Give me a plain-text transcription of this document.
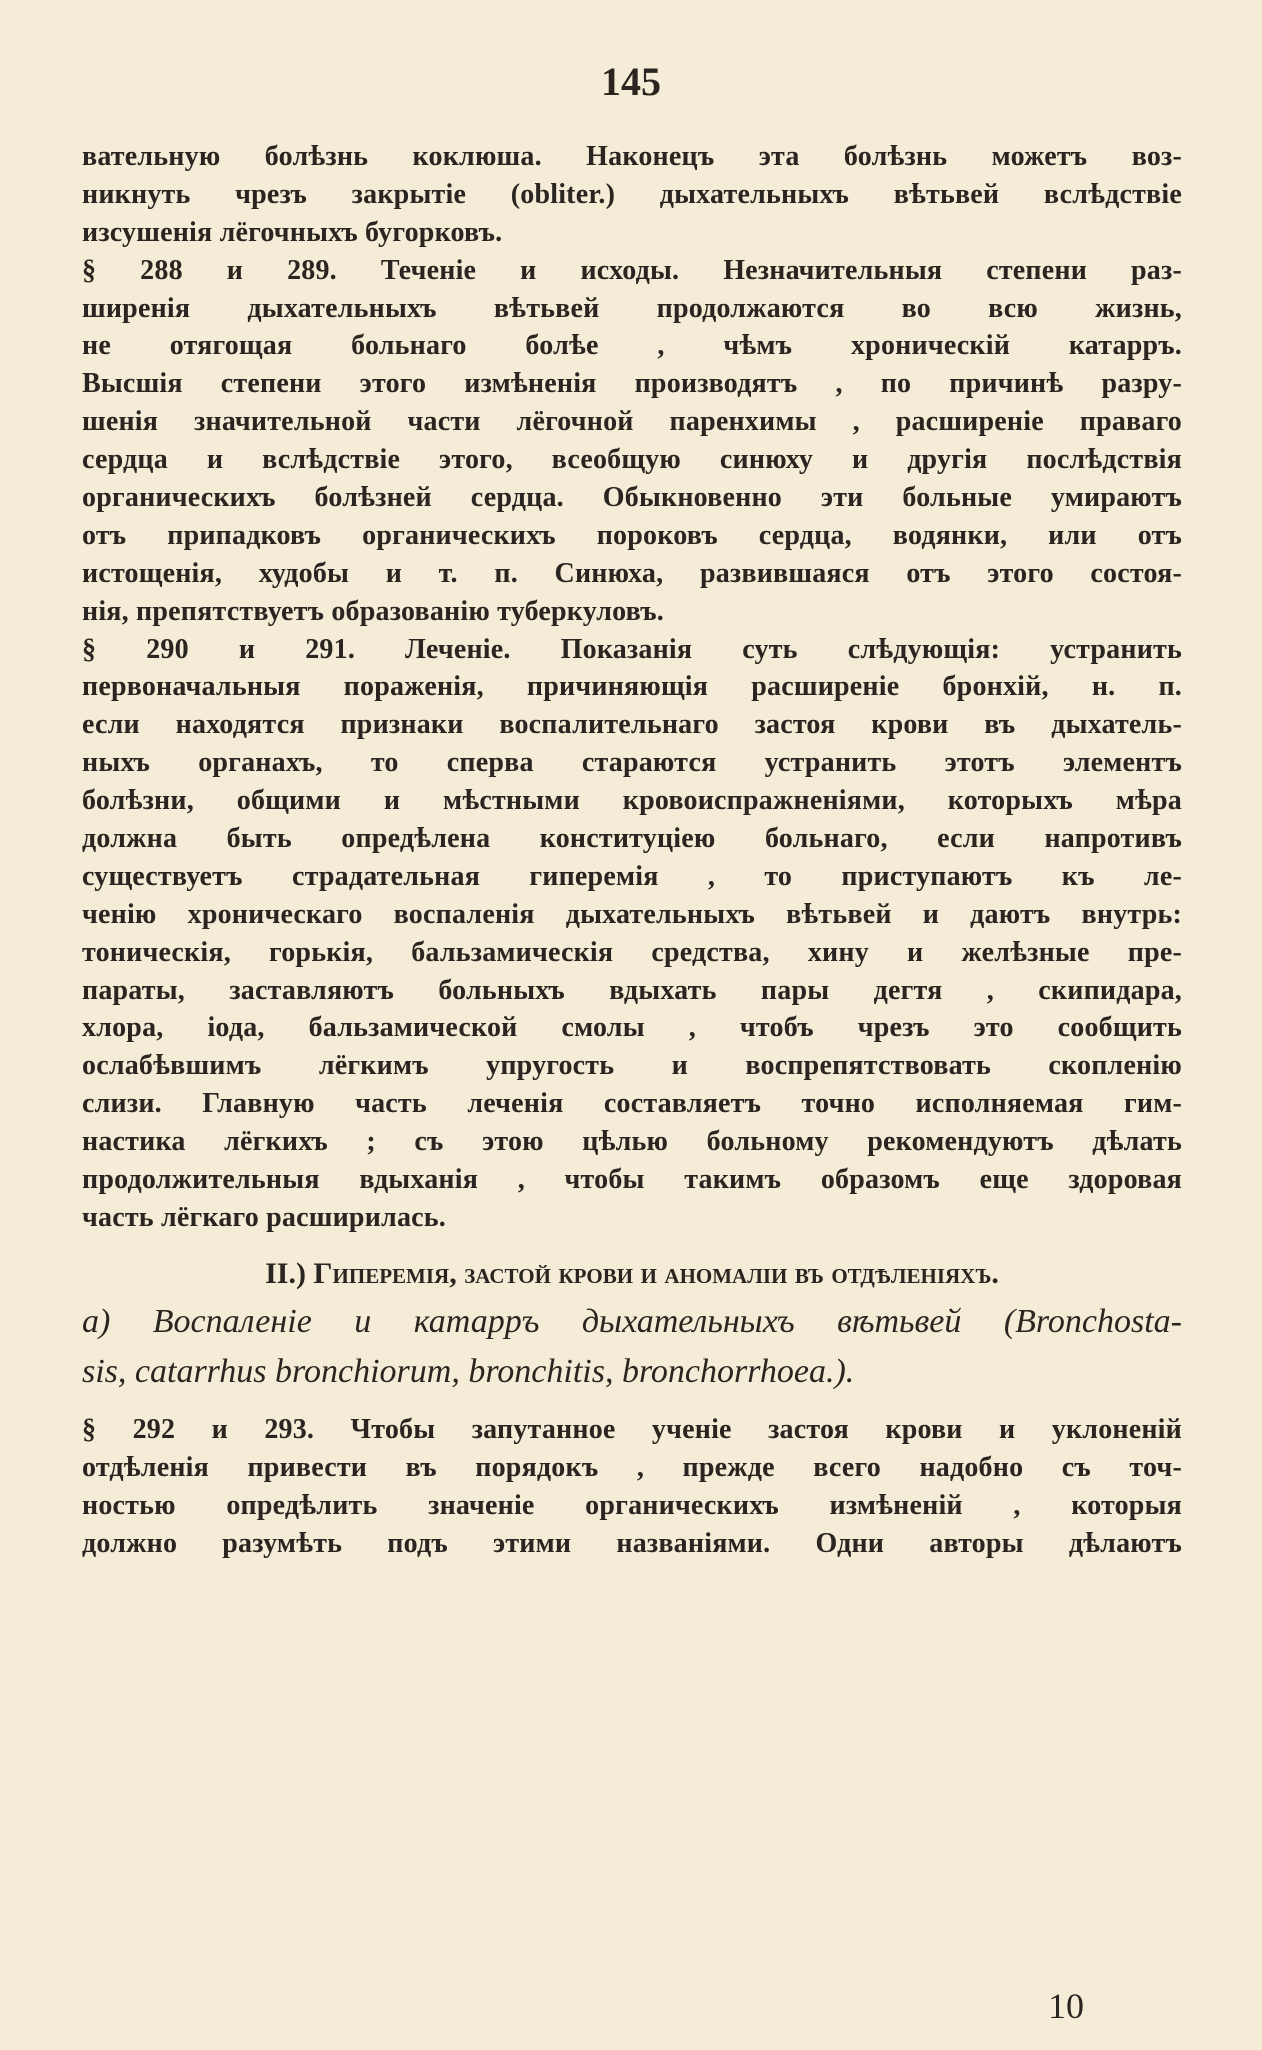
145
вательную болѣзнь коклюша. Наконецъ эта болѣзнь можетъ воз-
никнуть чрезъ закрытіе (obliter.) дыхательныхъ вѣтьвей вслѣдствіе
изсушенія лёгочныхъ бугорковъ.
§ 288 и 289. Теченіе и исходы. Незначительныя степени раз-
ширенія дыхательныхъ вѣтьвей продолжаются во всю жизнь,
не отягощая больнаго болѣе , чѣмъ хроническій катарръ.
Высшія степени этого измѣненія производятъ , по причинѣ разру-
шенія значительной части лёгочной паренхимы , расширеніе праваго
сердца и вслѣдствіе этого, всеобщую синюху и другія послѣдствія
органическихъ болѣзней сердца. Обыкновенно эти больные умираютъ
отъ припадковъ органическихъ пороковъ сердца, водянки, или отъ
истощенія, худобы и т. п. Синюха, развившаяся отъ этого состоя-
нія, препятствуетъ образованію туберкуловъ.
§ 290 и 291. Леченіе. Показанія суть слѣдующія: устранить
первоначальныя пораженія, причиняющія расширеніе бронхій, н. п.
если находятся признаки воспалительнаго застоя крови въ дыхатель-
ныхъ органахъ, то сперва стараются устранить этотъ элементъ
болѣзни, общими и мѣстными кровоиспражненіями, которыхъ мѣра
должна быть опредѣлена конституціею больнаго, если напротивъ
существуетъ страдательная гиперемія , то приступаютъ къ ле-
ченію хроническаго воспаленія дыхательныхъ вѣтьвей и даютъ внутрь:
тоническія, горькія, бальзамическія средства, хину и желѣзные пре-
параты, заставляютъ больныхъ вдыхать пары дегтя , скипидара,
хлора, іода, бальзамической смолы , чтобъ чрезъ это сообщить
ослабѣвшимъ лёгкимъ упругость и воспрепятствовать скопленію
слизи. Главную часть леченія составляетъ точно исполняемая гим-
настика лёгкихъ ; съ этою цѣлью больному рекомендуютъ дѣлать
продолжительныя вдыханія , чтобы такимъ образомъ еще здоровая
часть лёгкаго расширилась.
II.) Гиперемія, застой крови и аномаліи въ отдѣленіяхъ.
а) Воспаленіе и катарръ дыхательныхъ вѣтьвей (Bronchosta-
sis, catarrhus bronchiorum, bronchitis, bronchorrhoea.).
§ 292 и 293. Чтобы запутанное ученіе застоя крови и уклоненій
отдѣленія привести въ порядокъ , прежде всего надобно съ точ-
ностью опредѣлить значеніе органическихъ измѣненій , которыя
должно разумѣть подъ этими названіями. Одни авторы дѣлаютъ
10
